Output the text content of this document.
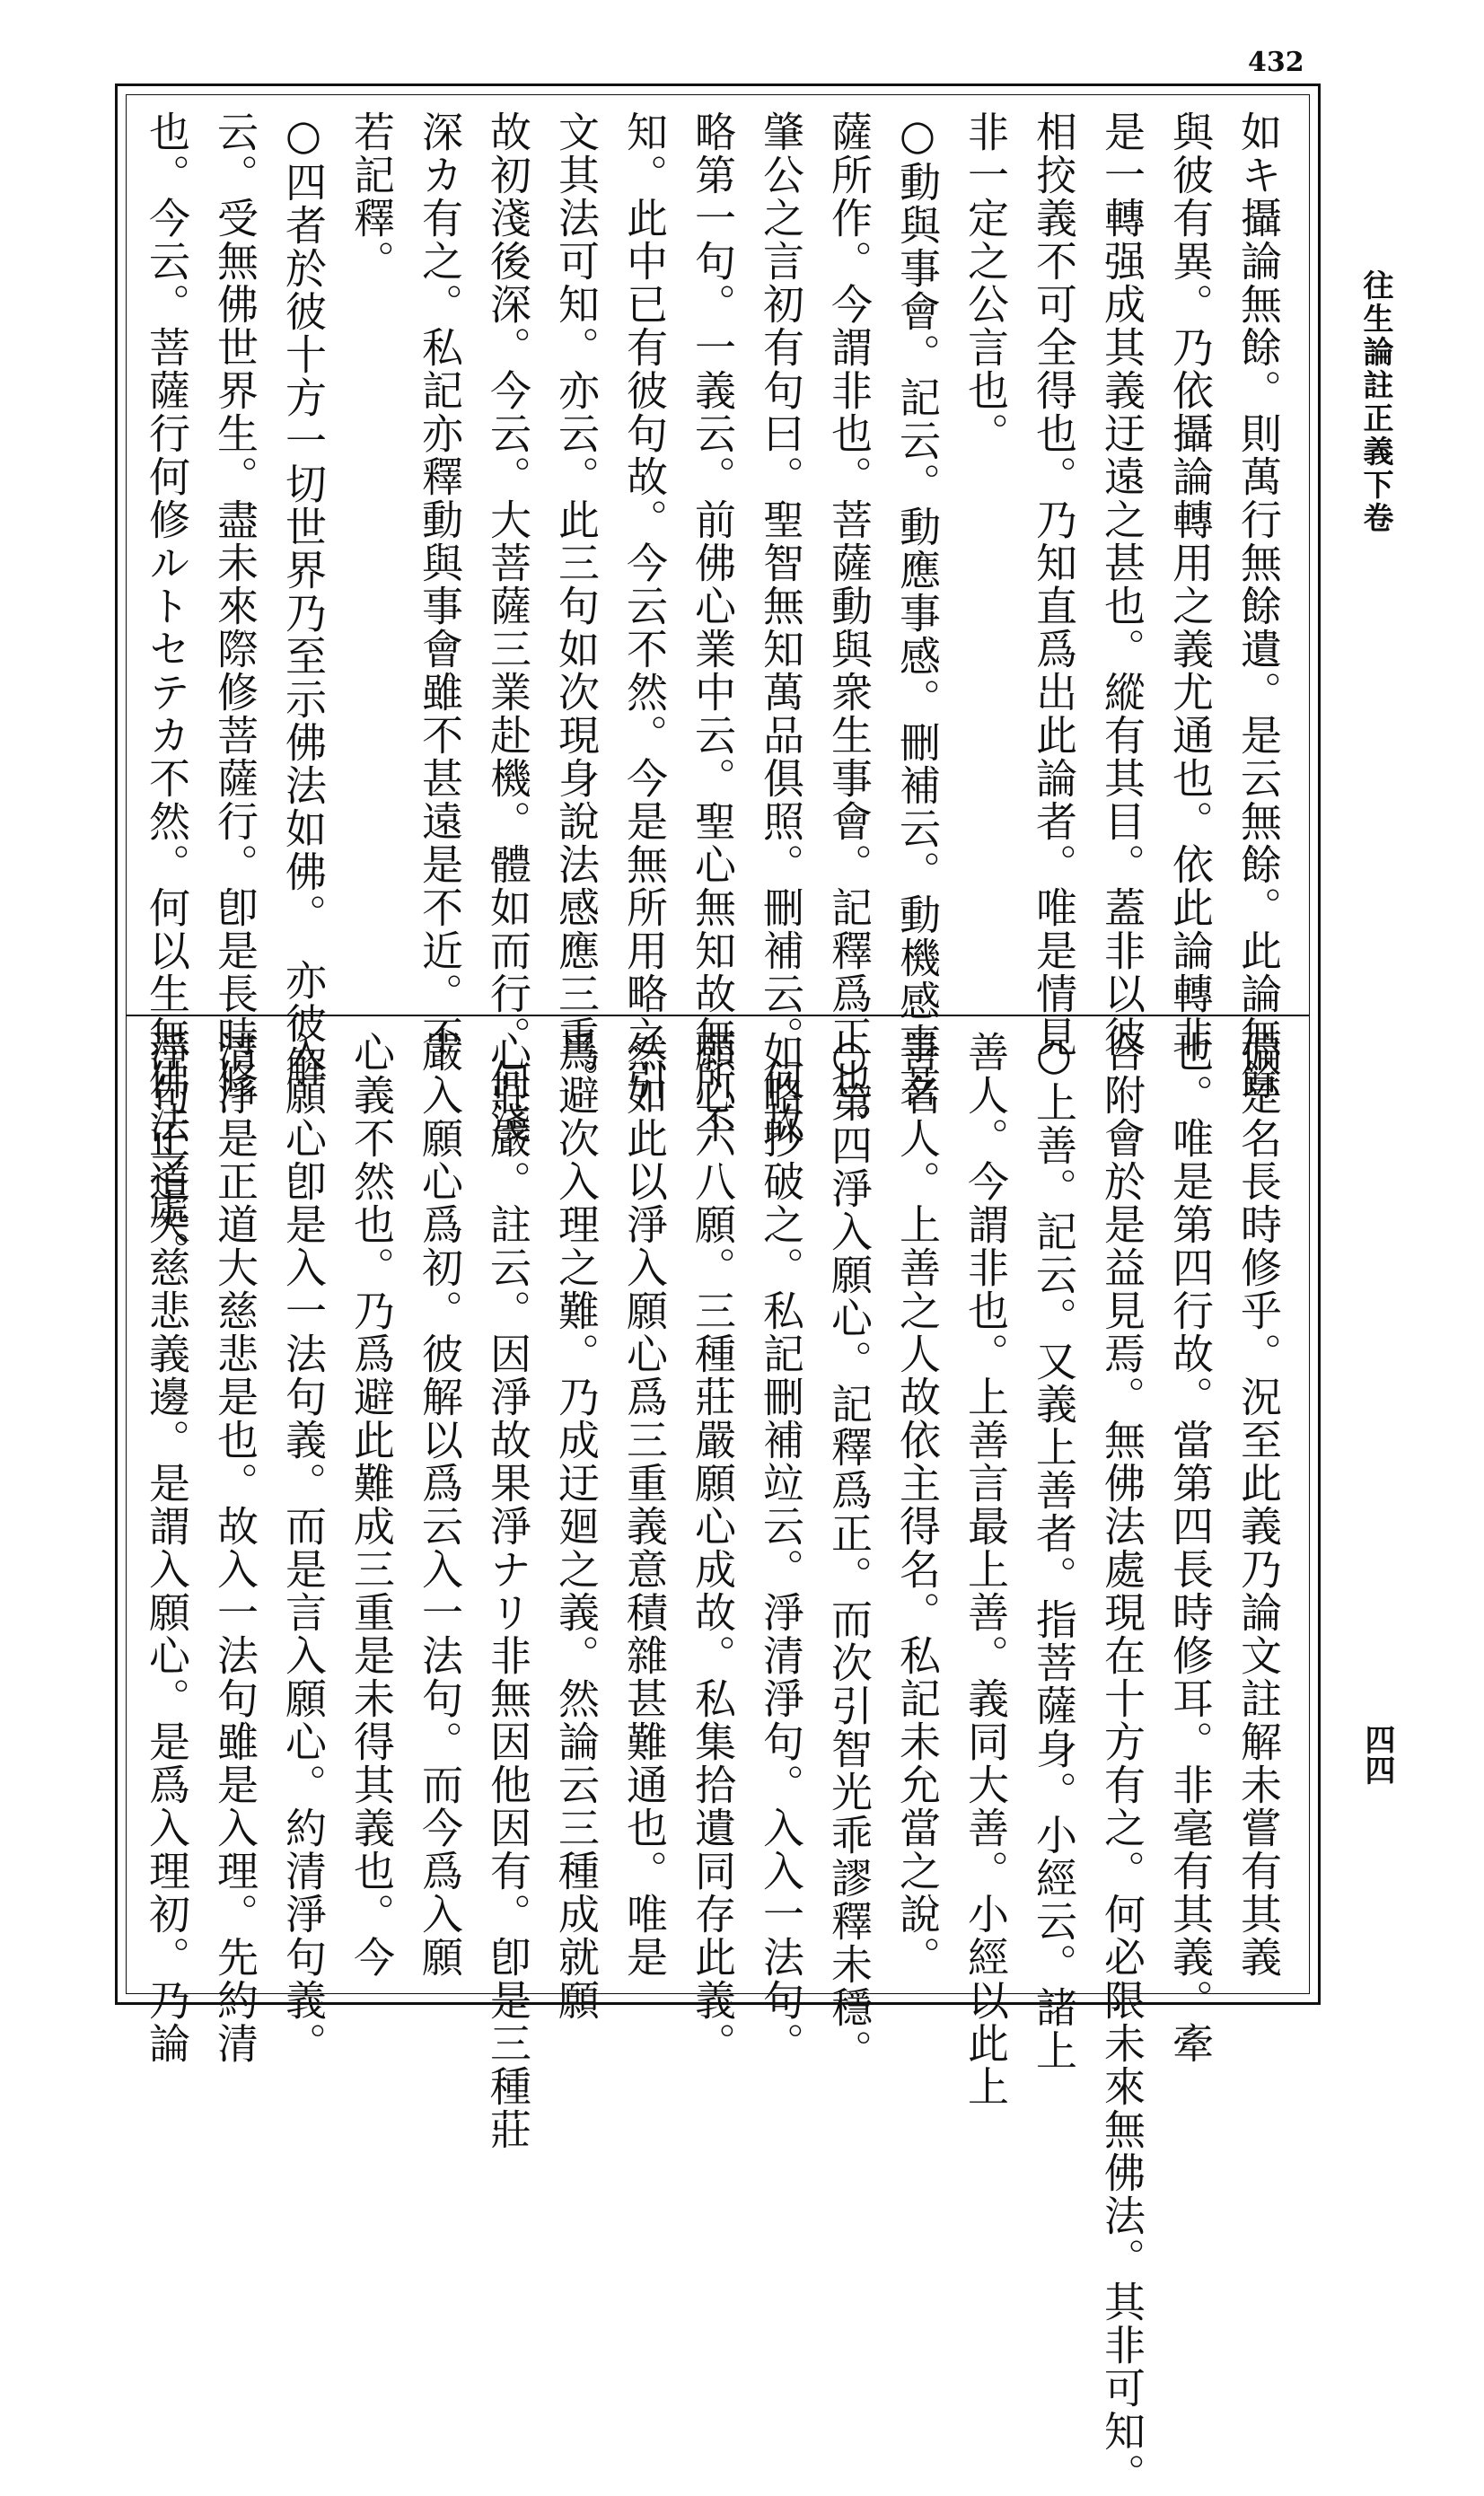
432
如キ攝論無餘。則萬行無餘遺。是云無餘。此論無餘
與彼有異。乃依攝論轉用之義尤通也。依此論轉非
是一轉强成其義迂遠之甚也。縱有其目。蓋非以彼
相挍義不可全得也。乃知直爲出此論者。唯是情見
非一定之公言也。
○動與事會。記云。動應事感。刪補云。動機感事菩
薩所作。今謂非也。菩薩動與衆生事會。記釋爲正也。
肇公之言初有句曰。聖智無知萬品俱照。刪補云。何故
略第一句。一義云。前佛心業中云。聖心無知故無所不
知。此中已有彼句故。今云不然。今是無所用略之引
文其法可知。亦云。此三句如次現身說法感應三重。
故初淺後深。今云。大菩薩三業赴機。體如而行。何淺
深カ有之。私記亦釋動與事會雖不甚遠是不近。不
若記釋。
○四者於彼十方一切世界乃至示佛法如佛。　亦彼解
云。受無佛世界生。盡未來際修菩薩行。卽是長時修
也。今云。菩薩行何修ルトセテカ不然。何以生無佛法之處。
偏是名長時修乎。況至此義乃論文註解未嘗有其義
也。唯是第四行故。當第四長時修耳。非毫有其義。牽
合附會於是益見焉。無佛法處現在十方有之。何必限未來無佛法。其非可知。
○上善。記云。又義上善者。指菩薩身。小經云。諸上
善人。今謂非也。上善言最上善。義同大善。小經以此上
善名人。上善之人故依主得名。私記未允當之說。
○第四淨入願心。記釋爲正。而次引智光乖謬釋未穩。
如略抄破之。私記刪補竝云。淨清淨句。入入一法句。
願心六八願。三種莊嚴願心成故。私集拾遺同存此義。
然如此以淨入願心爲三重義意積雜甚難通也。唯是
爲避次入理之難。乃成迂廻之義。然論云三種成就願
心莊嚴。註云。因淨故果淨ナリ非無因他因有。卽是三種莊
嚴入願心爲初。彼解以爲云入一法句。而今爲入願
心義不然也。乃爲避此難成三重是未得其義也。今
入願心卽是入一法句義。而是言入願心。約清淨句義。
清淨是正道大慈悲是也。故入一法句雖是入理。先約清
淨句正道大慈悲義邊。是謂入願心。是爲入理初。乃論
往生論註正義下卷
四四
